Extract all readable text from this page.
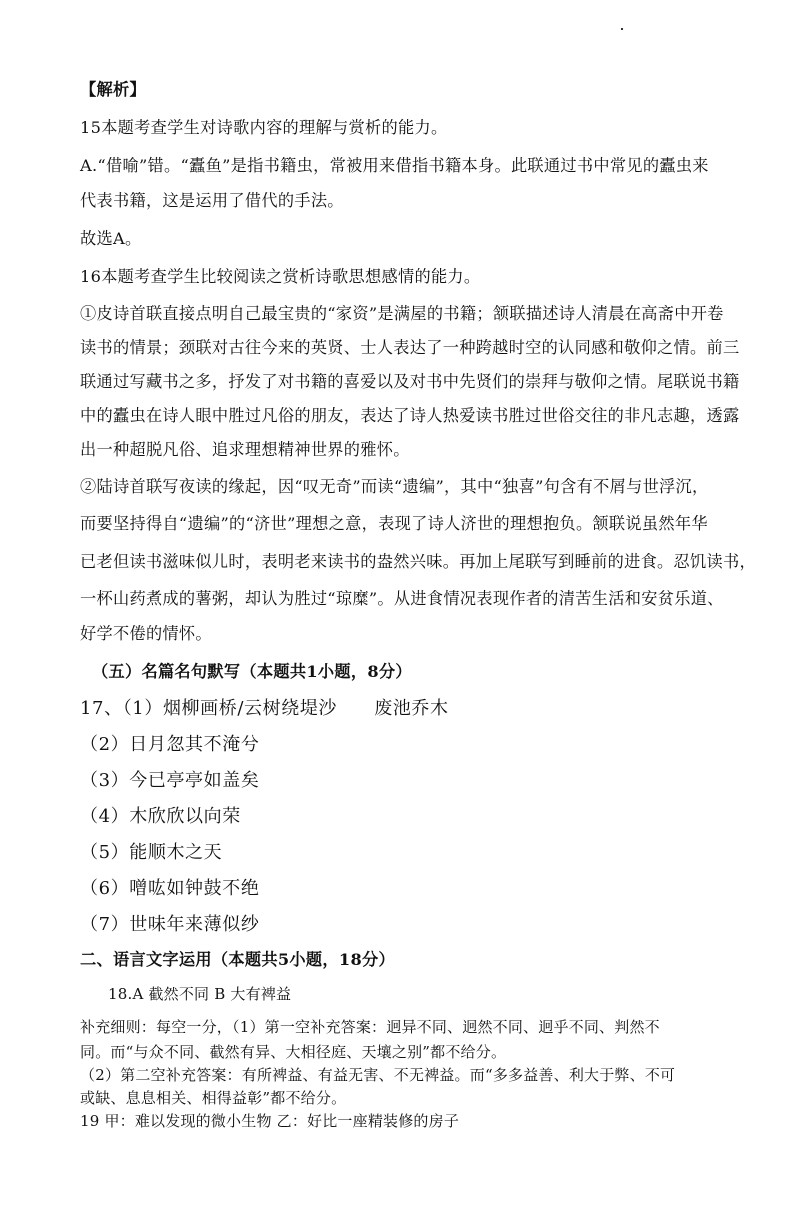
【解析】
15本题考查学生对诗歌内容的理解与赏析的能力。
A.“借喻”错。“蠹鱼”是指书籍虫，常被用来借指书籍本身。此联通过书中常见的蠹虫来
代表书籍，这是运用了借代的手法。
故选A。
16本题考查学生比较阅读之赏析诗歌思想感情的能力。
①皮诗首联直接点明自己最宝贵的“家资”是满屋的书籍；颔联描述诗人清晨在高斋中开卷
读书的情景；颈联对古往今来的英贤、士人表达了一种跨越时空的认同感和敬仰之情。前三
联通过写藏书之多，抒发了对书籍的喜爱以及对书中先贤们的崇拜与敬仰之情。尾联说书籍
中的蠹虫在诗人眼中胜过凡俗的朋友，表达了诗人热爱读书胜过世俗交往的非凡志趣，透露
出一种超脱凡俗、追求理想精神世界的雅怀。
②陆诗首联写夜读的缘起，因“叹无奇”而读“遗编”，其中“独喜”句含有不屑与世浮沉，
而要坚持得自“遗编”的“济世”理想之意，表现了诗人济世的理想抱负。颔联说虽然年华
已老但读书滋味似儿时，表明老来读书的盎然兴味。再加上尾联写到睡前的进食。忍饥读书，
一杯山药煮成的薯粥，却认为胜过“琼糜”。从进食情况表现作者的清苦生活和安贫乐道、
好学不倦的情怀。
（五）名篇名句默写（本题共1小题，8分）
17、（1）烟柳画桥/云树绕堤沙　　废池乔木
（2）日月忽其不淹兮
（3）今已亭亭如盖矣
（4）木欣欣以向荣
（5）能顺木之天
（6）噌吰如钟鼓不绝
（7）世味年来薄似纱
二、语言文字运用（本题共5小题，18分）
18.A 截然不同 B 大有裨益
补充细则：每空一分，（1）第一空补充答案：迥异不同、迥然不同、迥乎不同、判然不
同。而“与众不同、截然有异、大相径庭、天壤之别”都不给分。
（2）第二空补充答案：有所裨益、有益无害、不无裨益。而“多多益善、利大于弊、不可
或缺、息息相关、相得益彰”都不给分。
19 甲：难以发现的微小生物 乙：好比一座精装修的房子
